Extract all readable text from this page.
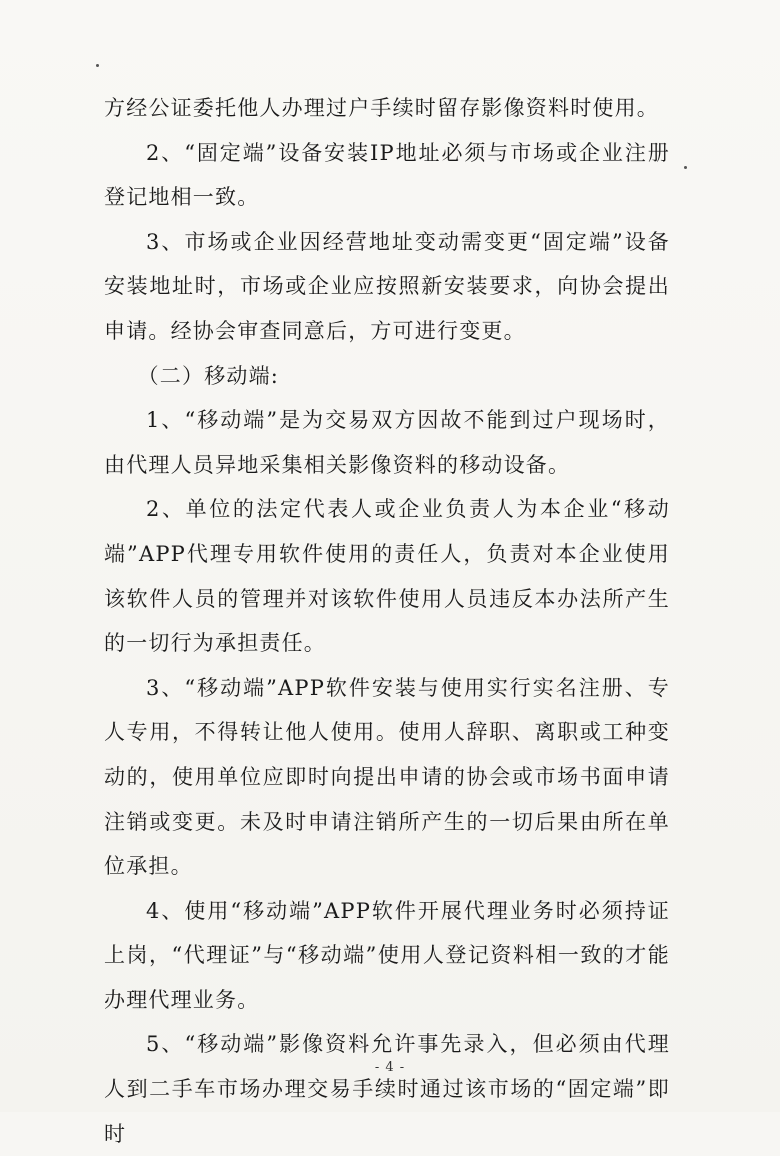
方经公证委托他人办理过户手续时留存影像资料时使用。

2、“固定端”设备安装IP地址必须与市场或企业注册登记地相一致。

3、市场或企业因经营地址变动需变更“固定端”设备安装地址时，市场或企业应按照新安装要求，向协会提出申请。经协会审查同意后，方可进行变更。

（二）移动端:

1、“移动端”是为交易双方因故不能到过户现场时，由代理人员异地采集相关影像资料的移动设备。

2、单位的法定代表人或企业负责人为本企业“移动端”APP代理专用软件使用的责任人，负责对本企业使用该软件人员的管理并对该软件使用人员违反本办法所产生的一切行为承担责任。

3、“移动端”APP软件安装与使用实行实名注册、专人专用，不得转让他人使用。使用人辞职、离职或工种变动的，使用单位应即时向提出申请的协会或市场书面申请注销或变更。未及时申请注销所产生的一切后果由所在单位承担。

4、使用“移动端”APP软件开展代理业务时必须持证上岗，“代理证”与“移动端”使用人登记资料相一致的才能办理代理业务。

5、“移动端”影像资料允许事先录入，但必须由代理人到二手车市场办理交易手续时通过该市场的“固定端”即时

- 4 -
